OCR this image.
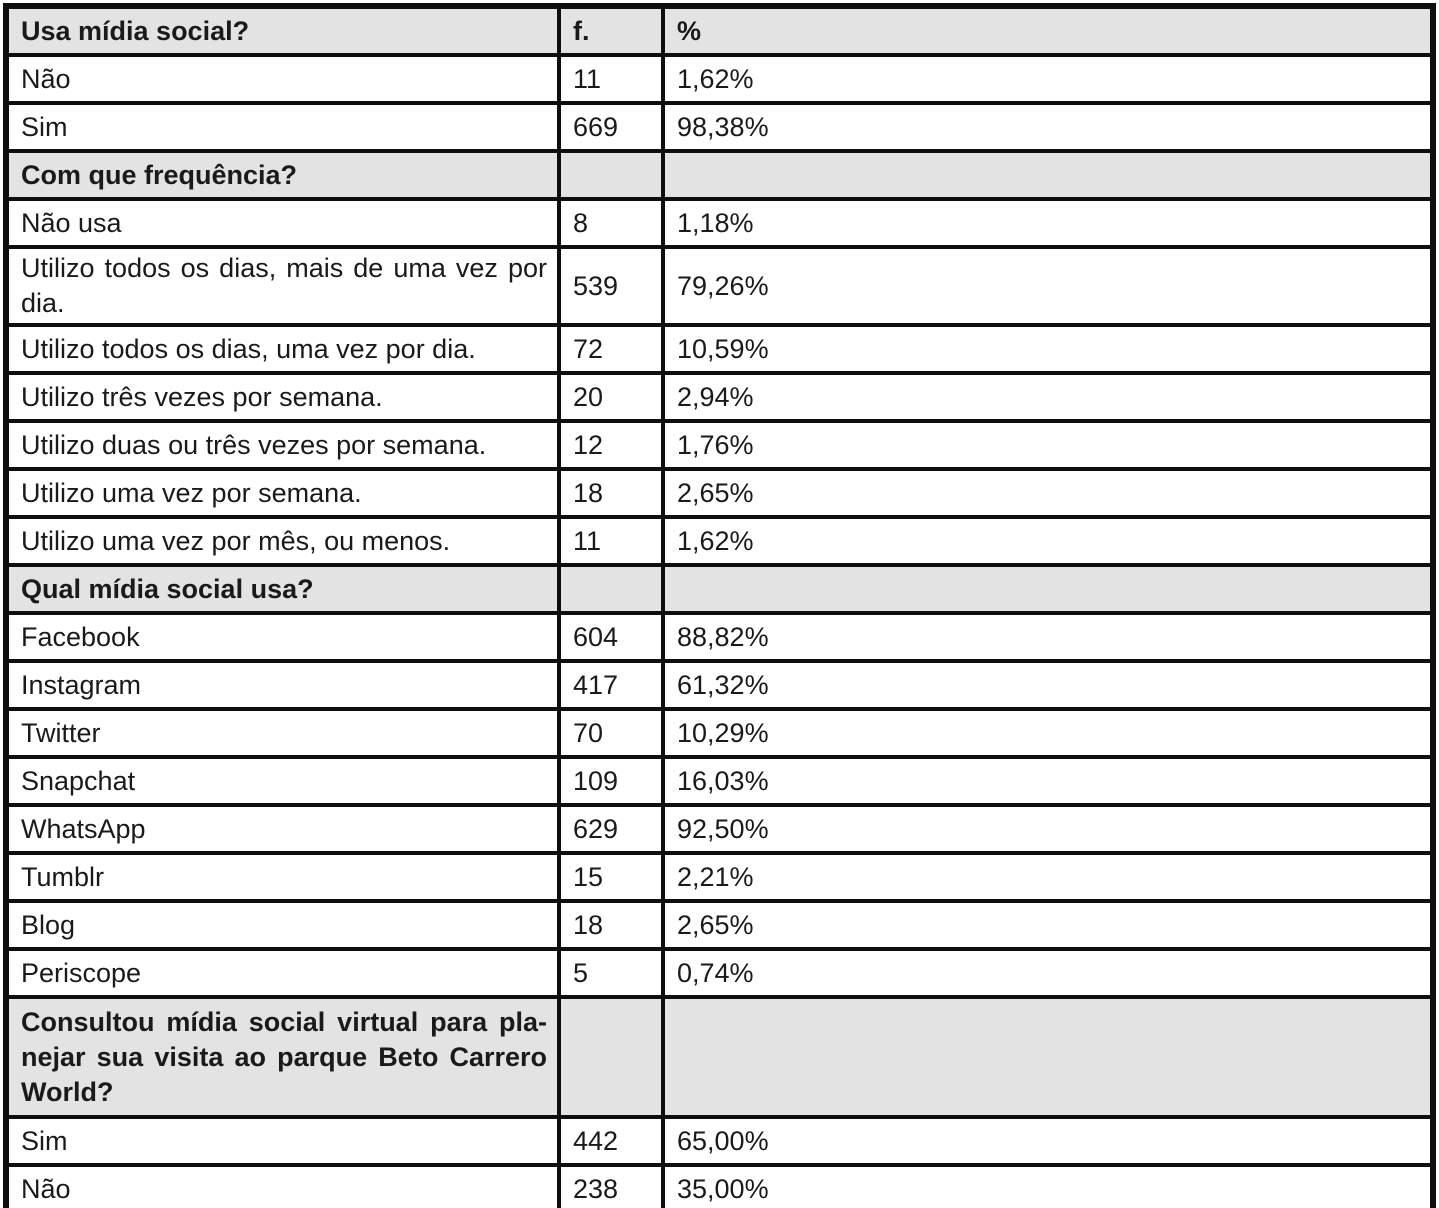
Usa mídia social?	f.	%
Não	11	1,62%
Sim	669	98,38%
Com que frequência?		
Não usa	8	1,18%

Utilizo todos os dias, mais de uma vez por
dia.	539	79,26%
Utilizo todos os dias, uma vez por dia.	72	10,59%
Utilizo três vezes por semana.	20	2,94%
Utilizo duas ou três vezes por semana.	12	1,76%
Utilizo uma vez por semana.	18	2,65%
Utilizo uma vez por mês, ou menos.	11	1,62%
Qual mídia social usa?		
Facebook	604	88,82%
Instagram	417	61,32%
Twitter	70	10,29%
Snapchat	109	16,03%
WhatsApp	629	92,50%
Tumblr	15	2,21%
Blog	18	2,65%
Periscope	5	0,74%

Consultou mídia social virtual para pla-
nejar sua visita ao parque Beto Carrero
World?		

Sim	442	65,00%
Não	238	35,00%
